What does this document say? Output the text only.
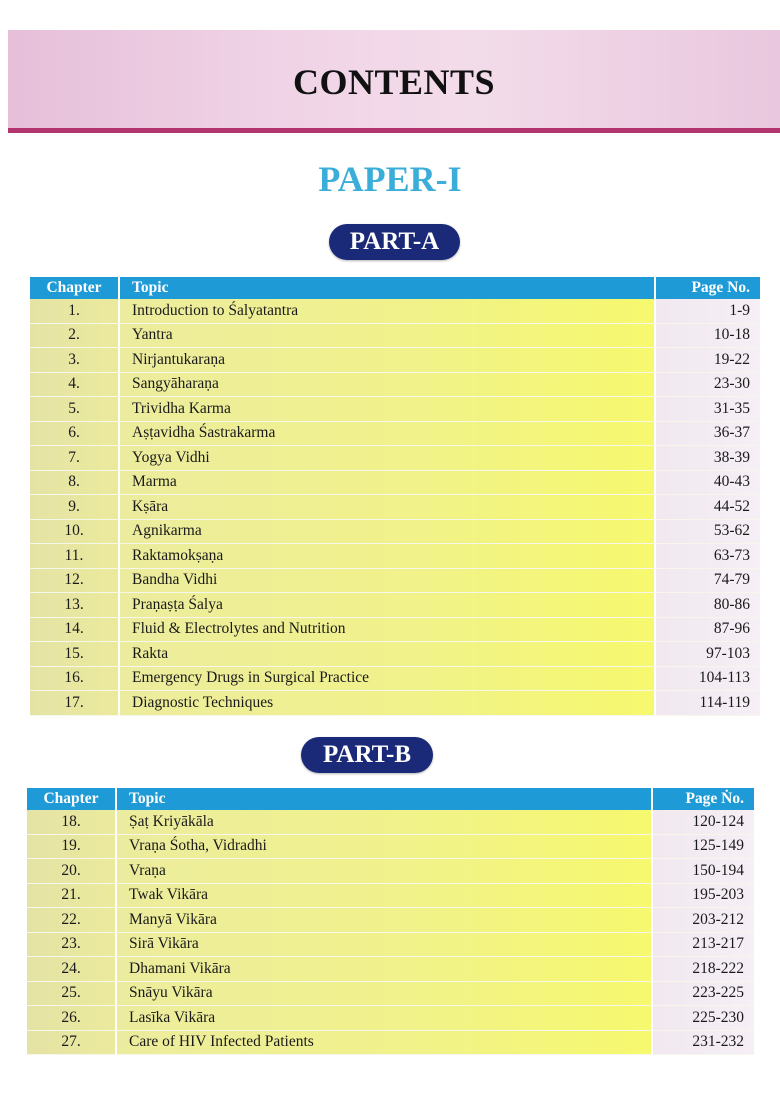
CONTENTS
PAPER-I
PART-A
Chapter	Topic	Page No.
1.	Introduction to Śalyatantra	1-9
2.	Yantra	10-18
3.	Nirjantukaraṇa	19-22
4.	Sangyāharaṇa	23-30
5.	Trividha Karma	31-35
6.	Aṣṭavidha Śastrakarma	36-37
7.	Yogya Vidhi	38-39
8.	Marma	40-43
9.	Kṣāra	44-52
10.	Agnikarma	53-62
11.	Raktamokṣaṇa	63-73
12.	Bandha Vidhi	74-79
13.	Praṇaṣṭa Śalya	80-86
14.	Fluid & Electrolytes and Nutrition	87-96
15.	Rakta	97-103
16.	Emergency Drugs in Surgical Practice	104-113
17.	Diagnostic Techniques	114-119
PART-B
Chapter	Topic	Page Ṅo.
18.	Ṣaṭ Kriyākāla	120-124
19.	Vraṇa Śotha, Vidradhi	125-149
20.	Vraṇa	150-194
21.	Twak Vikāra	195-203
22.	Manyā Vikāra	203-212
23.	Sirā Vikāra	213-217
24.	Dhamani Vikāra	218-222
25.	Snāyu Vikāra	223-225
26.	Lasīka Vikāra	225-230
27.	Care of HIV Infected Patients	231-232
